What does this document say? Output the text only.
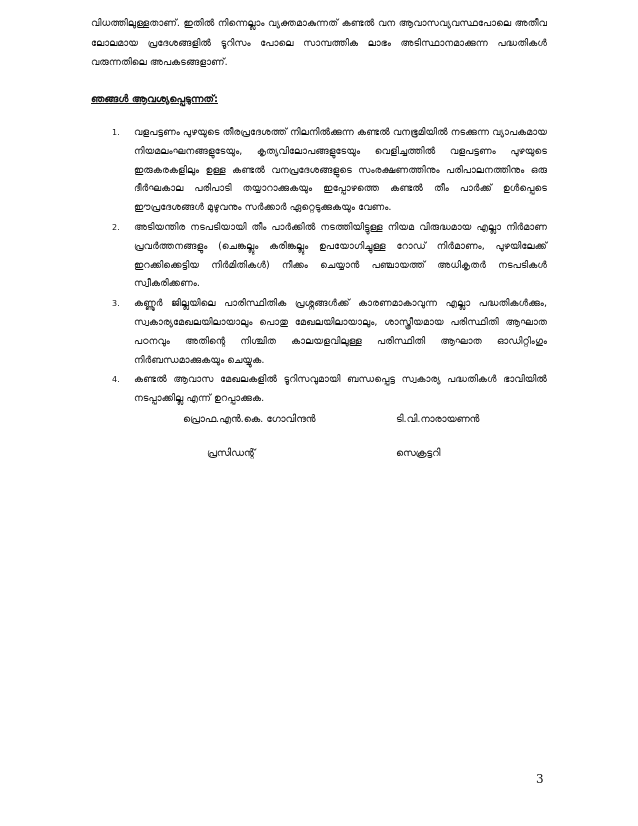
വിധത്തിലുള്ളതാണ്. ഇതിൽ നിന്നെല്ലാം വ്യക്തമാകുന്നത് കണ്ടൽ വന ആവാസവ്യവസ്ഥപോലെ അതീവ ലോലമായ പ്രദേശങ്ങളിൽ ടൂറിസം പോലെ സാമ്പത്തിക ലാഭം അടിസ്ഥാനമാക്കുന്ന പദ്ധതികൾ വരുന്നതിലെ അപകടങ്ങളാണ്.

ഞങ്ങൾ ആവശ്യപ്പെടുന്നത്:
1. വളപട്ടണം പുഴയുടെ തീരപ്രദേശത്ത് നിലനിൽക്കുന്ന കണ്ടൽ വനഭൂമിയിൽ നടക്കുന്ന വ്യാപകമായ നിയമലംഘനങ്ങളുടേയും, കൃത്യവിലോപങ്ങളുടേയും വെളിച്ചത്തിൽ വളപട്ടണം പുഴയുടെ ഇരുകരകളിലും ഉള്ള കണ്ടൽ വനപ്രദേശങ്ങളുടെ സംരക്ഷണത്തിനും പരിപാലനത്തിനും ഒരു ദീർഘകാല പരിപാടി തയ്യാറാക്കുകയും ഇപ്പോഴത്തെ കണ്ടൽ തീം പാർക്ക് ഉൾപ്പെടെ ഈപ്രദേശങ്ങൾ മുഴുവനും സർക്കാർ ഏറ്റെടുക്കുകയും വേണം.
2. അടിയന്തിര നടപടിയായി തീം പാർക്കിൽ നടത്തിയിട്ടുള്ള നിയമ വിരുദ്ധമായ എല്ലാ നിർമാണ പ്രവർത്തനങ്ങളും (ചെങ്കല്ലും കരിങ്കല്ലും ഉപയോഗിച്ചുള്ള റോഡ് നിർമാണം, പുഴയിലേക്ക് ഇറക്കിക്കെട്ടിയ നിർമിതികൾ) നീക്കം ചെയ്യാൻ പഞ്ചായത്ത് അധികൃതർ നടപടികൾ സ്വീകരിക്കണം.
3. കണ്ണൂർ ജില്ലയിലെ പാരിസ്ഥിതിക പ്രശ്നങ്ങൾക്ക് കാരണമാകാവുന്ന എല്ലാ പദ്ധതികൾക്കും, സ്വകാര്യമേഖലയിലായാലും പൊതു മേഖലയിലായാലും, ശാസ്ത്രീയമായ പരിസ്ഥിതി ആഘാത പഠനവും അതിന്റെ നിശ്ചിത കാലയളവിലുള്ള പരിസ്ഥിതി ആഘാത ഓഡിറ്റിംഗും നിർബന്ധമാക്കുകയും ചെയ്യുക.
4. കണ്ടൽ ആവാസ മേഖലകളിൽ ടൂറിസവുമായി ബന്ധപ്പെട്ട സ്വകാര്യ പദ്ധതികൾ ഭാവിയിൽ നടപ്പാക്കില്ല എന്ന് ഉറപ്പാക്കുക.
പ്രൊഫ.എൻ.കെ. ഗോവിന്ദൻ	ടി.വി.നാരായണൻ
പ്രസിഡന്റ്	സെക്രട്ടറി
3
